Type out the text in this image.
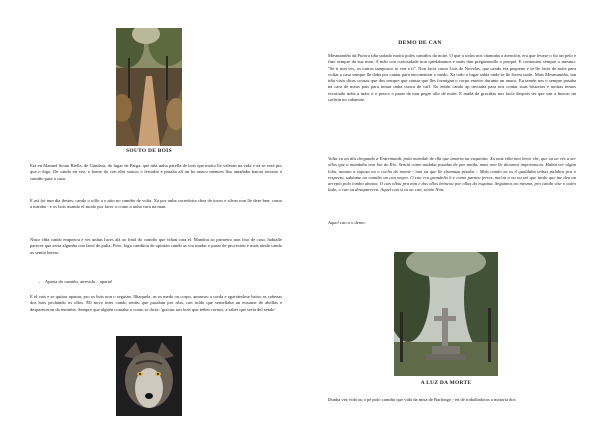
SOUTO DE BOIS

Era en Manuel Souto Riella, de Gándara, do lugar de Parga, que tiña unha parella de bois que moito lle valeran na vida e xa se verá por que o digo. De cando en vez, o home ilo con eles soutos ó ferrador e pasaba alí un bo anaco mentres llos amañaba batora retorno ó camiño para a casa.

E así foi nun día destes, cando o oillo a o nito no camiño de volta. Xa por unha corredoira chea de toxos e silvas non lle dese ben: como a miraba - e os bois usando el modo por facer o conto a unha vara na man.

Nisto víña cando empezou e vei unhas luces alá ao final do camiño que viñan cara el. Mandou ao primeiro non fixo de caso, habíalle parecer que seria algunha cun farol de pulia. Pero, logo cambiou de opinión cando as viu mudar e pasar de procesión e mais ainda cando as sentiu berrar:

–    Aparta do camiño, atrevido... aparta!

E el vais e se quitou apartar, pro os bois non o seguían. Ilhaquela, as os medo ou corpo, amarrou a corda e agarrándose baixo as cabezas dos bois pechando os ollos. Éll novo inter cando sentiu que pasaban por riba, con ruído que semellaba un enxame de abellas e despareceron da tentinha. Sempre que alguén contaba o conto se dicía: 'gracias aos bois que teñen cornos, a saber que sería del sendo'.

DEMO DE CAN

Mesmamiño da Furora tiña sodado moito poles camiños da noite. O que a todos nos chamaba a atención, era que levase o fio un pelo e fino sempre da sua man. A mão con curiosidade non quedabamos e máis dun preguntoulle o porqué. E contoutou sempre o mesmo: "Se ti non ves, os outros tampouco to ven a ti". Non facía como Luis de Novelas, que cando era pequeno e se lle facía de noite para voltar a casa sempre lle daba por cantar para enconentrar o medo. Xa todo o lugar sabía onde se lle fixera tarde. Mais Mesmamiño, tan tiña visto dicas cousas que dos sempre que contar que lles formigan o corpo enteiro durante un anaco. Eu tamén nos o sempre pasaba na cara de meus pais para tomar unha cunca de caff. Ilo entón cando ap invitaba para nos contar suas historias e moitas temos escoitado máis a máis o o pouco o pasar de non pegar ollo de noite. E mañá de graciñas nos facía despois ter que sair a buscar un cachón no cabanote.

Volta eu un día chegando a Entremundi, pola outralde de illa que ámorta na esquinita. Xa mas víña moi lenor ebi, que xa ue vés a ser ollos que a mandaba non boi do Rio. Sentiú como andaba pisadas de par unida, mais non lle dicamos importancia. Hubia ver algún lobo, mesmo a raposa ou o cocho do monte - non xa que lle chamaza pisaba -. Máis cando xa os ó qualdaba unhas palabra pra o respecto, sabíame ao camiño un can negro. O can era grandeño h e como parneu ferres, ma'ou a ou ou xei que tardo que me deu un arrepío polo lombo abaixo. O can ollou pra min e dos ollos brincou por ollas do esquina. Seguimos ao mesmo, pro cando vise o outro lado, o can xa desapareceu. Aquel can si ta un can, senón Non.

Aquel can a o demo.

A LUZ DA MORTE

Dunha vez vida ou a pé polo camiño que vida da misa de Barlongo - en de traballadoras a maioría dos
